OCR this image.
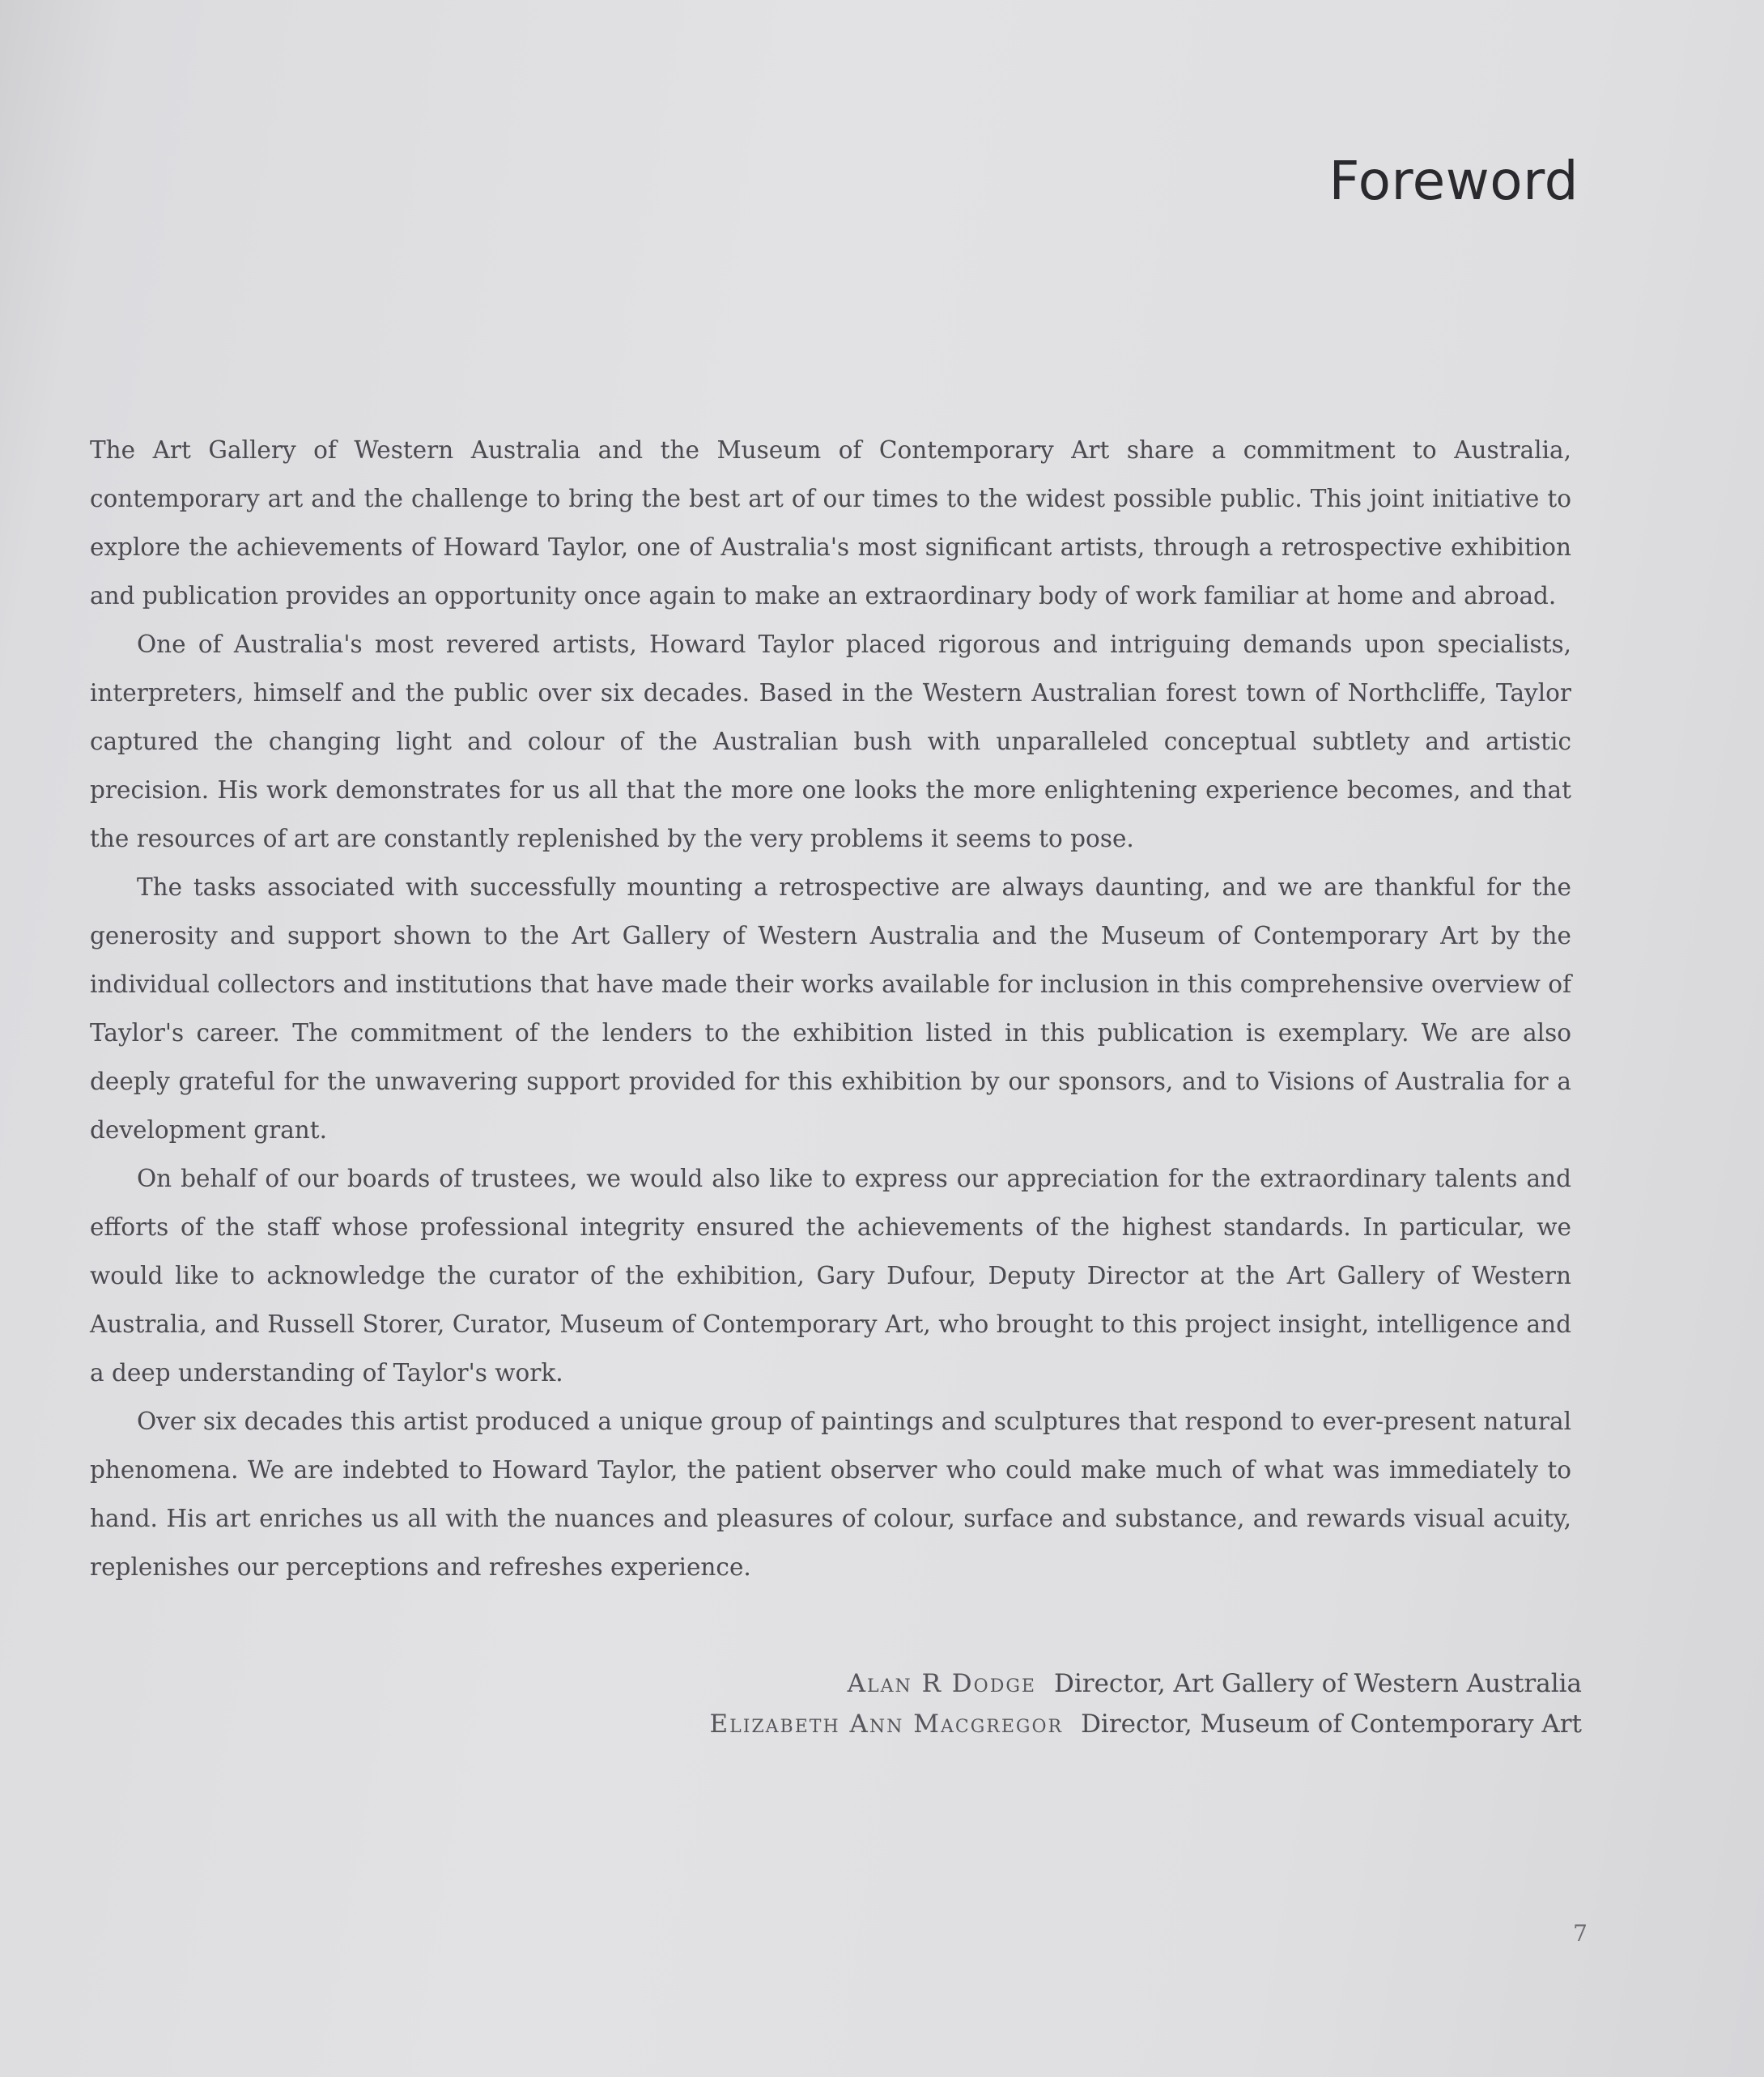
Foreword

The Art Gallery of Western Australia and the Museum of Contemporary Art share a commitment to Australia, contemporary art and the challenge to bring the best art of our times to the widest possible public. This joint initiative to explore the achievements of Howard Taylor, one of Australia's most significant artists, through a retrospective exhibition and publication provides an opportunity once again to make an extraordinary body of work familiar at home and abroad.

One of Australia's most revered artists, Howard Taylor placed rigorous and intriguing demands upon specialists, interpreters, himself and the public over six decades. Based in the Western Australian forest town of Northcliffe, Taylor captured the changing light and colour of the Australian bush with unparalleled conceptual subtlety and artistic precision. His work demonstrates for us all that the more one looks the more enlightening experience becomes, and that the resources of art are constantly replenished by the very problems it seems to pose.

The tasks associated with successfully mounting a retrospective are always daunting, and we are thankful for the generosity and support shown to the Art Gallery of Western Australia and the Museum of Contemporary Art by the individual collectors and institutions that have made their works available for inclusion in this comprehensive overview of Taylor's career. The commitment of the lenders to the exhibition listed in this publication is exemplary. We are also deeply grateful for the unwavering support provided for this exhibition by our sponsors, and to Visions of Australia for a development grant.

On behalf of our boards of trustees, we would also like to express our appreciation for the extraordinary talents and efforts of the staff whose professional integrity ensured the achievements of the highest standards. In particular, we would like to acknowledge the curator of the exhibition, Gary Dufour, Deputy Director at the Art Gallery of Western Australia, and Russell Storer, Curator, Museum of Contemporary Art, who brought to this project insight, intelligence and a deep understanding of Taylor's work.

Over six decades this artist produced a unique group of paintings and sculptures that respond to ever-present natural phenomena. We are indebted to Howard Taylor, the patient observer who could make much of what was immediately to hand. His art enriches us all with the nuances and pleasures of colour, surface and substance, and rewards visual acuity, replenishes our perceptions and refreshes experience.

Alan R Dodge Director, Art Gallery of Western Australia
Elizabeth Ann Macgregor Director, Museum of Contemporary Art
7
